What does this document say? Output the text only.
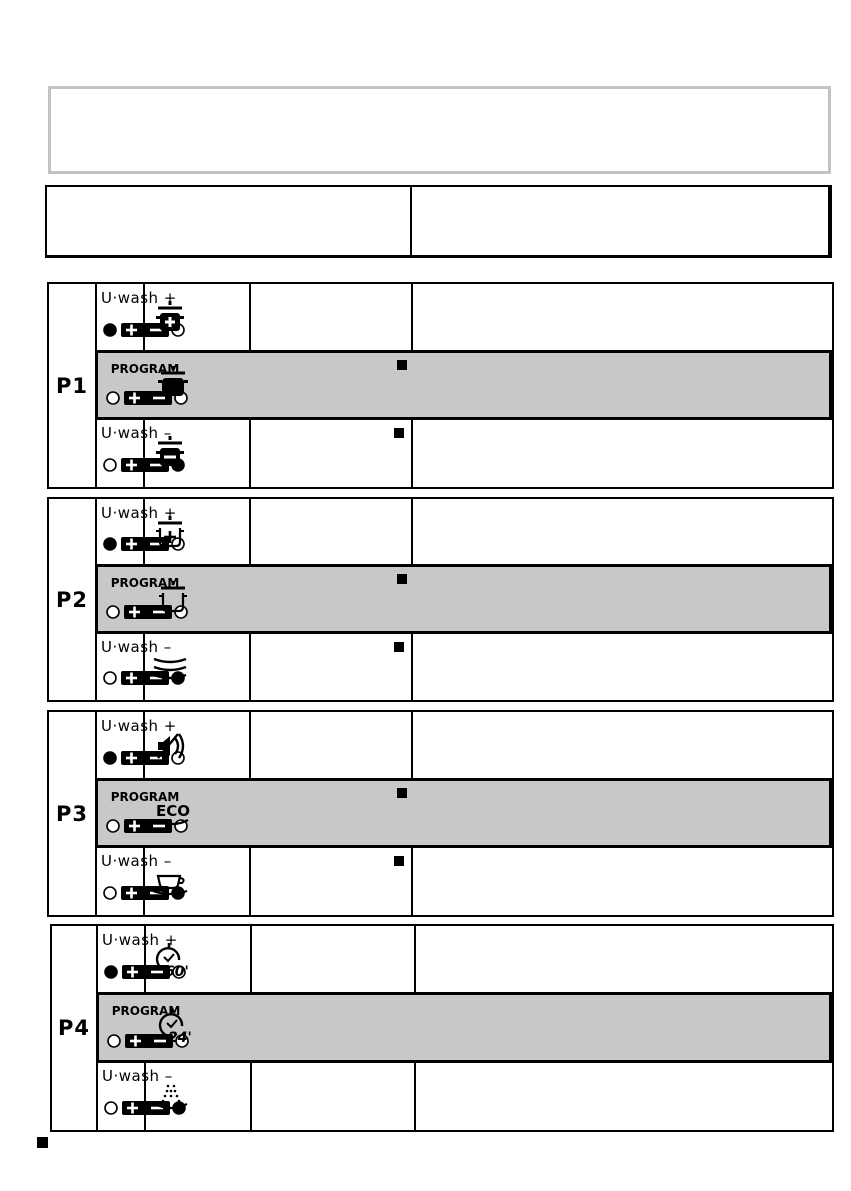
P1
U·wash +
PROGRAM
U·wash –
P2
U·wash +
PROGRAM
U·wash –
P3
U·wash +
PROGRAM
ECO
U·wash –
P4
U·wash +
60'
PROGRAM
24'
U·wash –
